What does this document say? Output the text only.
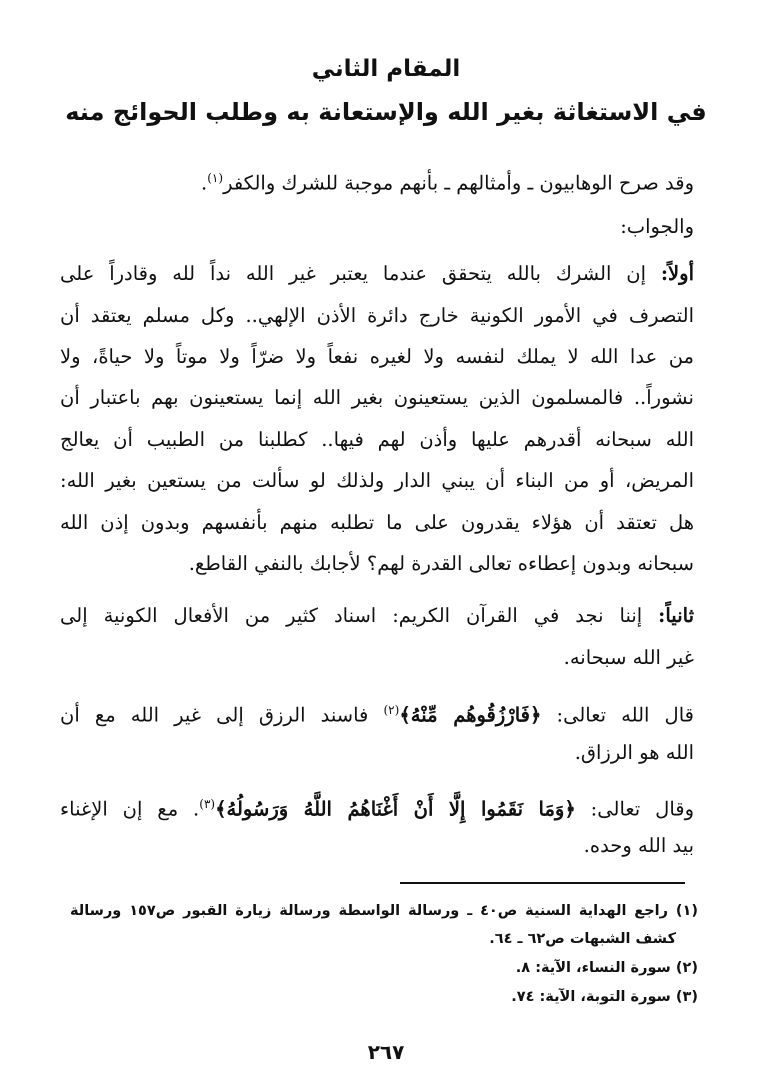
المقام الثاني
في الاستغاثة بغير الله والإستعانة به وطلب الحوائج منه
وقد صرح الوهابيون ـ وأمثالهم ـ بأنهم موجبة للشرك والكفر$^{(١)}$.
والجواب:
أولاً: إن الشرك بالله يتحقق عندما يعتبر غير الله نداً لله وقادراً على
التصرف في الأمور الكونية خارج دائرة الأذن الإلهي.. وكل مسلم يعتقد أن
من عدا الله لا يملك لنفسه ولا لغيره نفعاً ولا ضرّاً ولا موتاً ولا حياةً، ولا
نشوراً.. فالمسلمون الذين يستعينون بغير الله إنما يستعينون بهم باعتبار أن
الله سبحانه أقدرهم عليها وأذن لهم فيها.. كطلبنا من الطبيب أن يعالج
المريض، أو من البناء أن يبني الدار ولذلك لو سألت من يستعين بغير الله:
هل تعتقد أن هؤلاء يقدرون على ما تطلبه منهم بأنفسهم وبدون إذن الله
سبحانه وبدون إعطاءه تعالى القدرة لهم؟ لأجابك بالنفي القاطع.
ثانياً: إننا نجد في القرآن الكريم: اسناد كثير من الأفعال الكونية إلى
غير الله سبحانه.
قال الله تعالى: ﴿فَارْزُقُوهُم مِّنْهُ﴾$^{(٢)}$ فاسند الرزق إلى غير الله مع أن
الله هو الرزاق.
وقال تعالى: ﴿وَمَا نَقَمُوا إِلَّا أَنْ أَغْنَاهُمُ اللَّهُ وَرَسُولُهُ﴾$^{(٣)}$. مع إن الإغناء
بيد الله وحده.
(١) راجع الهداية السنية ص٤٠ ـ ورسالة الواسطة ورسالة زيارة القبور ص١٥٧ ورسالة
كشف الشبهات ص٦٢ ـ ٦٤.
(٢) سورة النساء، الآية: ٨.
(٣) سورة التوبة، الآية: ٧٤.
٢٦٧
